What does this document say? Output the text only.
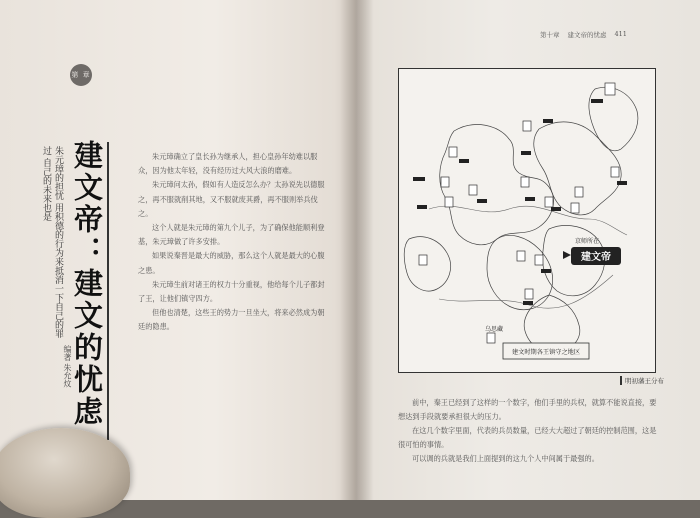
第 章
朱元璋的担忧 用积德的行为来抵消一下自己的罪过 自己的未来也是
编著 朱允炆
建文帝：建文的忧虑	朱元璋确立了皇长孙为继承人，担心皇孙年幼难以服众，因为他太年轻，没有经历过大风大浪的磨难。

朱元璋问太孙，假如有人造反怎么办？太孙说先以德服之，再不服就削其地，又不服就废其爵，再不服则举兵伐之。

这个人就是朱元璋的第九个儿子，为了确保他能顺利登基，朱元璋做了许多安排。

如果说秦晋是最大的威胁，那么这个人就是最大的心腹之患。

朱元璋生前对诸王的权力十分重视，他给每个儿子都封了王，让他们镇守四方。

但他也清楚，这些王的势力一旦坐大，将来必然成为朝廷的隐患。

第十章 建文帝的忧虑 411
建文帝
京师所在
乌思藏
建文时期各王镇守之地区
明初藩王分布

前中，秦王已经到了这样的一个数字，他们手里的兵权，就算不能说直接，要想达到手段就要承担很大的压力。

在这几个数字里面，代表的兵员数量，已经大大超过了朝廷的控制范围，这是很可怕的事情。

可以调的兵就是我们上面提到的这九个人中间属于最强的。
